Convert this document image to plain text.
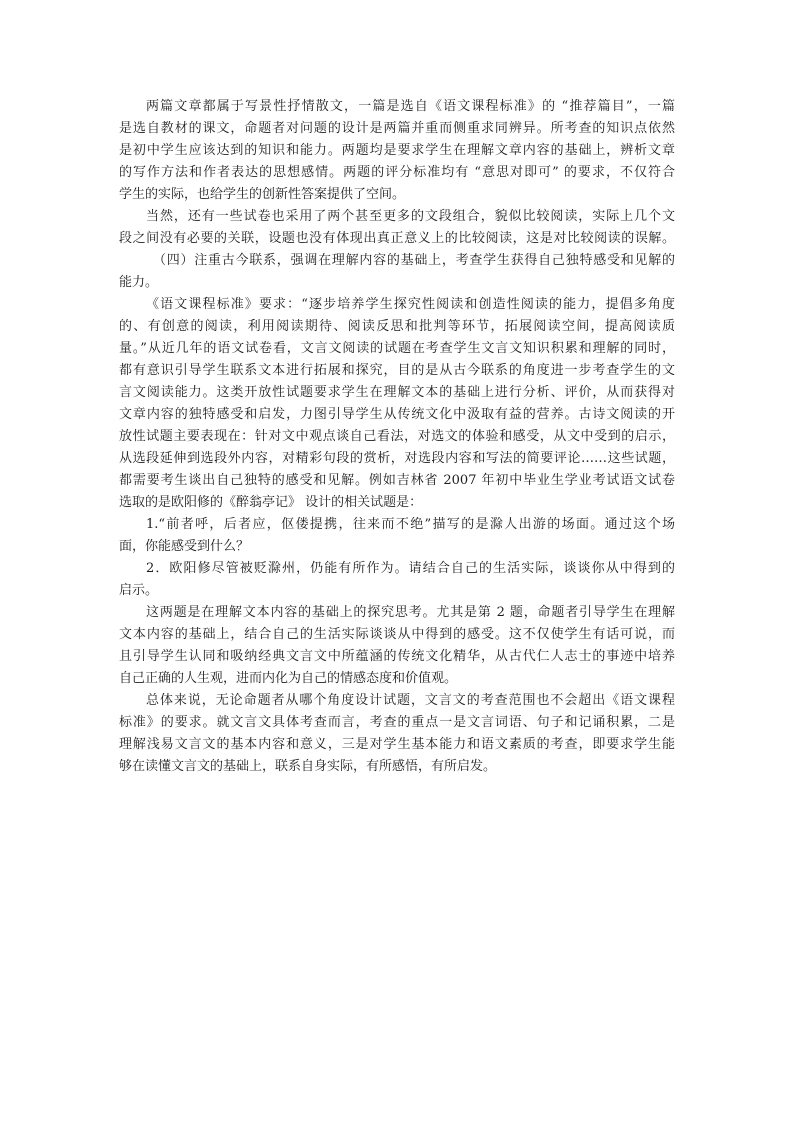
两篇文章都属于写景性抒情散文，一篇是选自《语文课程标准》的 “推荐篇目”，一篇
是选自教材的课文，命题者对问题的设计是两篇并重而侧重求同辨异。所考查的知识点依然
是初中学生应该达到的知识和能力。两题均是要求学生在理解文章内容的基础上，辨析文章
的写作方法和作者表达的思想感情。两题的评分标准均有 “意思对即可” 的要求，不仅符合
学生的实际，也给学生的创新性答案提供了空间。
当然，还有一些试卷也采用了两个甚至更多的文段组合，貌似比较阅读，实际上几个文
段之间没有必要的关联，设题也没有体现出真正意义上的比较阅读，这是对比较阅读的误解。
（四）注重古今联系，强调在理解内容的基础上，考查学生获得自己独特感受和见解的
能力。
《语文课程标准》要求：“逐步培养学生探究性阅读和创造性阅读的能力，提倡多角度
的、有创意的阅读，利用阅读期待、阅读反思和批判等环节，拓展阅读空间，提高阅读质
量。”从近几年的语文试卷看，文言文阅读的试题在考查学生文言文知识积累和理解的同时，
都有意识引导学生联系文本进行拓展和探究，目的是从古今联系的角度进一步考查学生的文
言文阅读能力。这类开放性试题要求学生在理解文本的基础上进行分析、评价，从而获得对
文章内容的独特感受和启发，力图引导学生从传统文化中汲取有益的营养。古诗文阅读的开
放性试题主要表现在：针对文中观点谈自己看法，对选文的体验和感受，从文中受到的启示，
从选段延伸到选段外内容，对精彩句段的赏析，对选段内容和写法的简要评论……这些试题，
都需要考生谈出自己独特的感受和见解。例如吉林省 2007 年初中毕业生学业考试语文试卷
选取的是欧阳修的《醉翁亭记》 设计的相关试题是：
1.“前者呼，后者应，伛偻提携，往来而不绝”描写的是滁人出游的场面。通过这个场
面，你能感受到什么？
2．欧阳修尽管被贬滁州，仍能有所作为。请结合自己的生活实际，谈谈你从中得到的
启示。
这两题是在理解文本内容的基础上的探究思考。尤其是第 2 题，命题者引导学生在理解
文本内容的基础上，结合自己的生活实际谈谈从中得到的感受。这不仅使学生有话可说，而
且引导学生认同和吸纳经典文言文中所蕴涵的传统文化精华，从古代仁人志士的事迹中培养
自己正确的人生观，进而内化为自己的情感态度和价值观。
总体来说，无论命题者从哪个角度设计试题，文言文的考查范围也不会超出《语文课程
标准》的要求。就文言文具体考查而言，考查的重点一是文言词语、句子和记诵积累，二是
理解浅易文言文的基本内容和意义，三是对学生基本能力和语文素质的考查，即要求学生能
够在读懂文言文的基础上，联系自身实际，有所感悟，有所启发。
